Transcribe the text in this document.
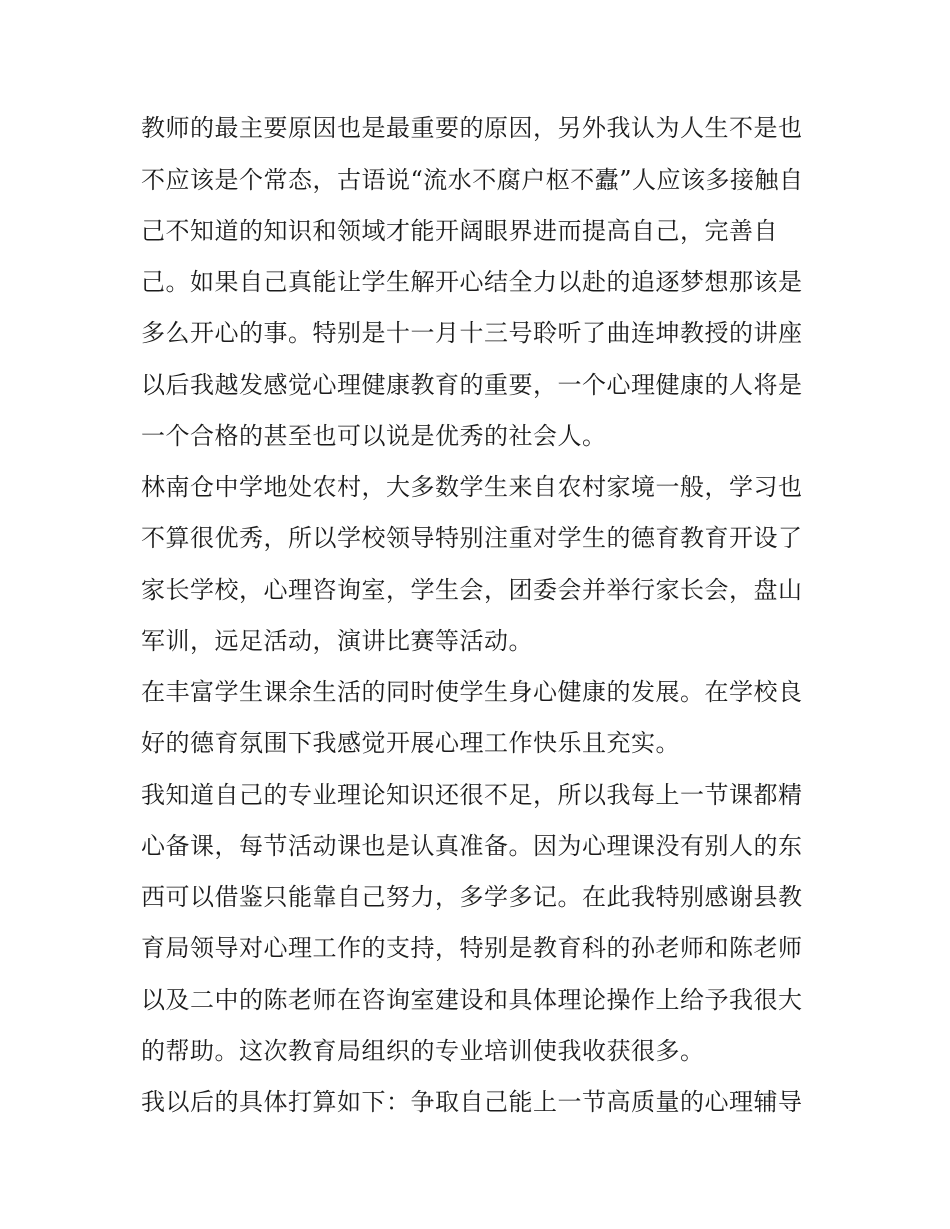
教师的最主要原因也是最重要的原因，另外我认为人生不是也
不应该是个常态，古语说“流水不腐户枢不蠹”人应该多接触自
己不知道的知识和领域才能开阔眼界进而提高自己，完善自
己。如果自己真能让学生解开心结全力以赴的追逐梦想那该是
多么开心的事。特别是十一月十三号聆听了曲连坤教授的讲座
以后我越发感觉心理健康教育的重要，一个心理健康的人将是
一个合格的甚至也可以说是优秀的社会人。
林南仓中学地处农村，大多数学生来自农村家境一般，学习也
不算很优秀，所以学校领导特别注重对学生的德育教育开设了
家长学校，心理咨询室，学生会，团委会并举行家长会，盘山
军训，远足活动，演讲比赛等活动。
在丰富学生课余生活的同时使学生身心健康的发展。在学校良
好的德育氛围下我感觉开展心理工作快乐且充实。
我知道自己的专业理论知识还很不足，所以我每上一节课都精
心备课，每节活动课也是认真准备。因为心理课没有别人的东
西可以借鉴只能靠自己努力，多学多记。在此我特别感谢县教
育局领导对心理工作的支持，特别是教育科的孙老师和陈老师
以及二中的陈老师在咨询室建设和具体理论操作上给予我很大
的帮助。这次教育局组织的专业培训使我收获很多。
我以后的具体打算如下：争取自己能上一节高质量的心理辅导
